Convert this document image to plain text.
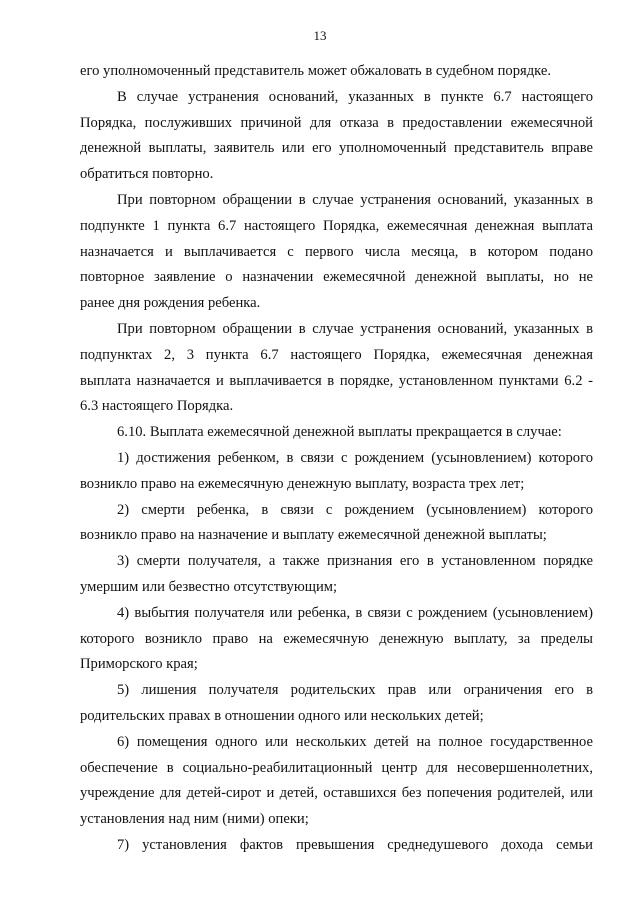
13
его уполномоченный представитель может обжаловать в судебном порядке.
В случае устранения оснований, указанных в пункте 6.7 настоящего
Порядка, послуживших причиной для отказа в предоставлении ежемесячной
денежной выплаты, заявитель или его уполномоченный представитель вправе
обратиться повторно.
При повторном обращении в случае устранения оснований, указанных в
подпункте 1 пункта 6.7 настоящего Порядка, ежемесячная денежная выплата
назначается и выплачивается с первого числа месяца, в котором подано
повторное заявление о назначении ежемесячной денежной выплаты, но не
ранее дня рождения ребенка.
При повторном обращении в случае устранения оснований, указанных в
подпунктах 2, 3 пункта 6.7 настоящего Порядка, ежемесячная денежная
выплата назначается и выплачивается в порядке, установленном пунктами 6.2 -
6.3 настоящего Порядка.
6.10. Выплата ежемесячной денежной выплаты прекращается в случае:
1) достижения ребенком, в связи с рождением (усыновлением) которого
возникло право на ежемесячную денежную выплату, возраста трех лет;
2) смерти ребенка, в связи с рождением (усыновлением) которого
возникло право на назначение и выплату ежемесячной денежной выплаты;
3) смерти получателя, а также признания его в установленном порядке
умершим или безвестно отсутствующим;
4) выбытия получателя или ребенка, в связи с рождением (усыновлением)
которого возникло право на ежемесячную денежную выплату, за пределы
Приморского края;
5) лишения получателя родительских прав или ограничения его в
родительских правах в отношении одного или нескольких детей;
6) помещения одного или нескольких детей на полное государственное
обеспечение в социально-реабилитационный центр для несовершеннолетних,
учреждение для детей-сирот и детей, оставшихся без попечения родителей, или
установления над ним (ними) опеки;
7) установления фактов превышения среднедушевого дохода семьи
